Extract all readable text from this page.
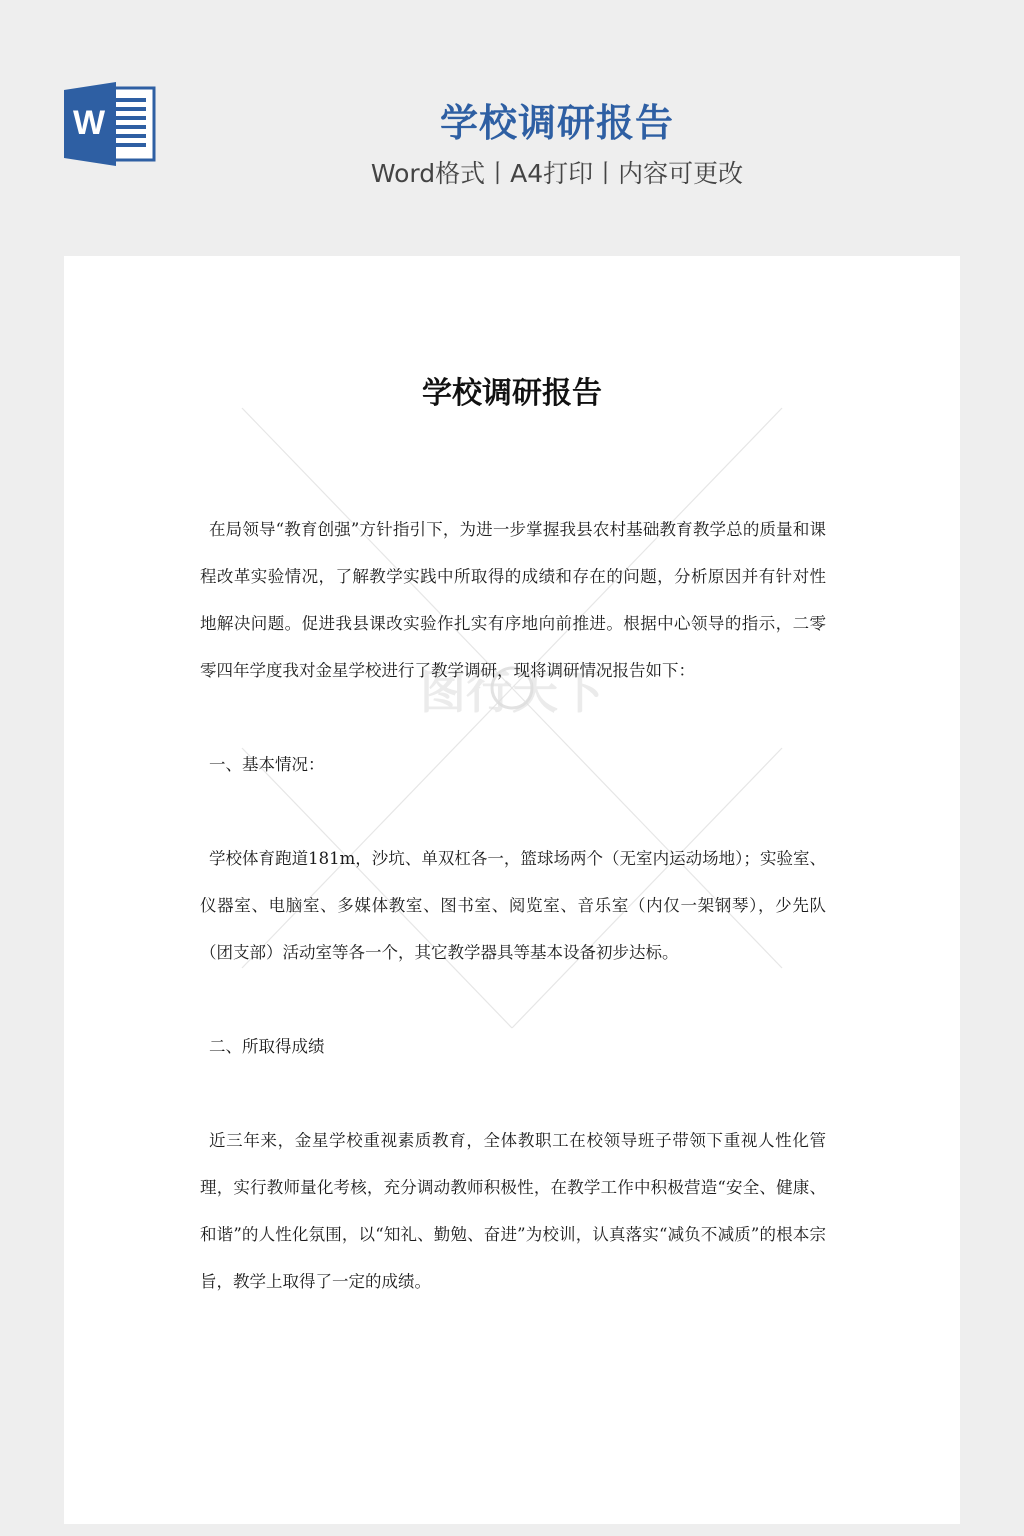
W	学校调研报告
Word格式丨A4打印丨内容可更改
图行天下
学校调研报告

在局领导“教育创强”方针指引下，为进一步掌握我县农村基础教育教学总的质量和课程改革实验情况，了解教学实践中所取得的成绩和存在的问题，分析原因并有针对性地解决问题。促进我县课改实验作扎实有序地向前推进。根据中心领导的指示，二零零四年学度我对金星学校进行了教学调研，现将调研情况报告如下：

一、基本情况：

学校体育跑道181m，沙坑、单双杠各一，篮球场两个（无室内运动场地）；实验室、仪器室、电脑室、多媒体教室、图书室、阅览室、音乐室（内仅一架钢琴），少先队（团支部）活动室等各一个，其它教学器具等基本设备初步达标。

二、所取得成绩

近三年来，金星学校重视素质教育，全体教职工在校领导班子带领下重视人性化管理，实行教师量化考核，充分调动教师积极性，在教学工作中积极营造“安全、健康、和谐”的人性化氛围，以“知礼、勤勉、奋进”为校训，认真落实“减负不减质”的根本宗旨，教学上取得了一定的成绩。
